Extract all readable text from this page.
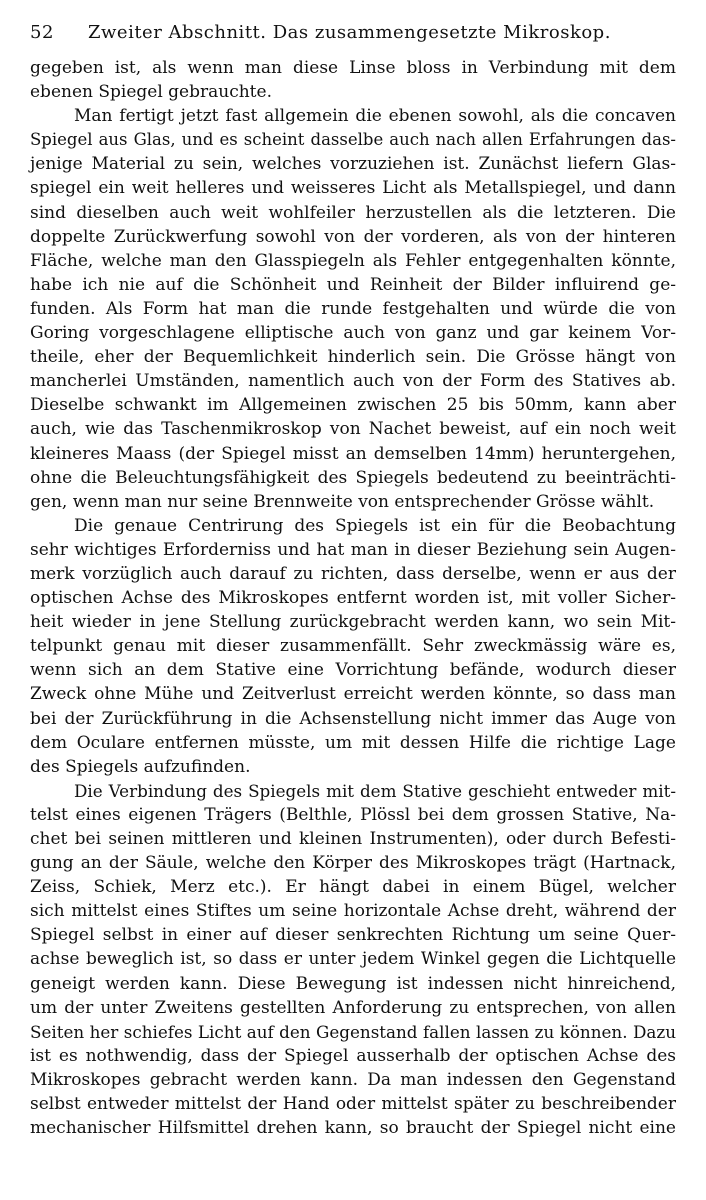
52	Zweiter Abschnitt. Das zusammengesetzte Mikroskop.

gegeben ist, als wenn man diese Linse bloss in Verbindung mit dem
ebenen Spiegel gebrauchte.

Man fertigt jetzt fast allgemein die ebenen sowohl, als die concaven
Spiegel aus Glas, und es scheint dasselbe auch nach allen Erfahrungen das-
jenige Material zu sein, welches vorzuziehen ist. Zunächst liefern Glas-
spiegel ein weit helleres und weisseres Licht als Metallspiegel, und dann
sind dieselben auch weit wohlfeiler herzustellen als die letzteren. Die
doppelte Zurückwerfung sowohl von der vorderen, als von der hinteren
Fläche, welche man den Glasspiegeln als Fehler entgegenhalten könnte,
habe ich nie auf die Schönheit und Reinheit der Bilder influirend ge-
funden. Als Form hat man die runde festgehalten und würde die von
Goring vorgeschlagene elliptische auch von ganz und gar keinem Vor-
theile, eher der Bequemlichkeit hinderlich sein. Die Grösse hängt von
mancherlei Umständen, namentlich auch von der Form des Statives ab.
Dieselbe schwankt im Allgemeinen zwischen 25 bis 50mm, kann aber
auch, wie das Taschenmikroskop von Nachet beweist, auf ein noch weit
kleineres Maass (der Spiegel misst an demselben 14mm) heruntergehen,
ohne die Beleuchtungsfähigkeit des Spiegels bedeutend zu beeinträchti-
gen, wenn man nur seine Brennweite von entsprechender Grösse wählt.

Die genaue Centrirung des Spiegels ist ein für die Beobachtung
sehr wichtiges Erforderniss und hat man in dieser Beziehung sein Augen-
merk vorzüglich auch darauf zu richten, dass derselbe, wenn er aus der
optischen Achse des Mikroskopes entfernt worden ist, mit voller Sicher-
heit wieder in jene Stellung zurückgebracht werden kann, wo sein Mit-
telpunkt genau mit dieser zusammenfällt. Sehr zweckmässig wäre es,
wenn sich an dem Stative eine Vorrichtung befände, wodurch dieser
Zweck ohne Mühe und Zeitverlust erreicht werden könnte, so dass man
bei der Zurückführung in die Achsenstellung nicht immer das Auge von
dem Oculare entfernen müsste, um mit dessen Hilfe die richtige Lage
des Spiegels aufzufinden.

Die Verbindung des Spiegels mit dem Stative geschieht entweder mit-
telst eines eigenen Trägers (Belthle, Plössl bei dem grossen Stative, Na-
chet bei seinen mittleren und kleinen Instrumenten), oder durch Befesti-
gung an der Säule, welche den Körper des Mikroskopes trägt (Hartnack,
Zeiss, Schiek, Merz etc.). Er hängt dabei in einem Bügel, welcher
sich mittelst eines Stiftes um seine horizontale Achse dreht, während der
Spiegel selbst in einer auf dieser senkrechten Richtung um seine Quer-
achse beweglich ist, so dass er unter jedem Winkel gegen die Lichtquelle
geneigt werden kann. Diese Bewegung ist indessen nicht hinreichend,
um der unter Zweitens gestellten Anforderung zu entsprechen, von allen
Seiten her schiefes Licht auf den Gegenstand fallen lassen zu können. Dazu
ist es nothwendig, dass der Spiegel ausserhalb der optischen Achse des
Mikroskopes gebracht werden kann. Da man indessen den Gegenstand
selbst entweder mittelst der Hand oder mittelst später zu beschreibender
mechanischer Hilfsmittel drehen kann, so braucht der Spiegel nicht eine
